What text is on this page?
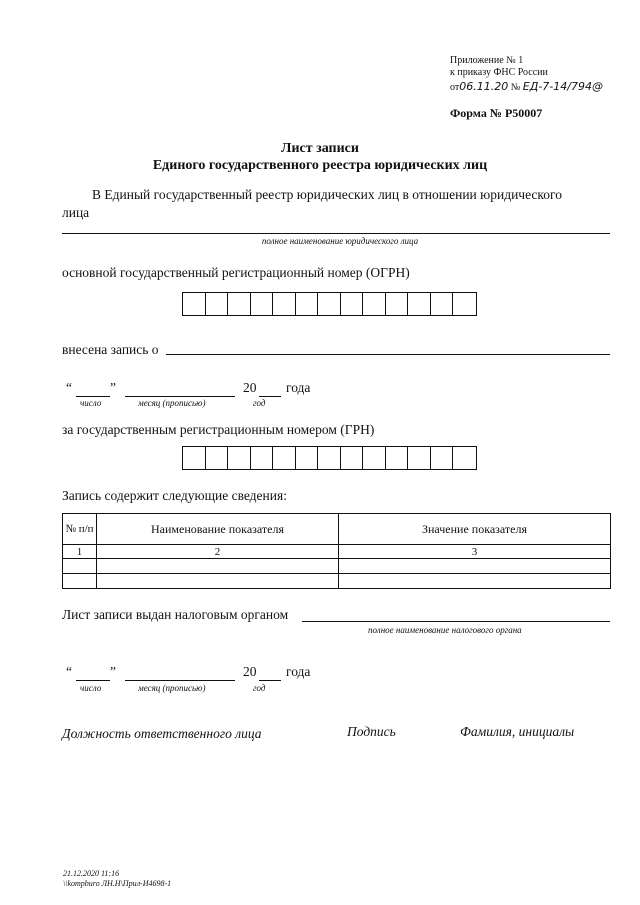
Приложение № 1
к приказу ФНС России
от06.11.20 № ЕД-7-14/794@
Форма № Р50007
Лист записи
Единого государственного реестра юридических лиц
В Единый государственный реестр юридических лиц в отношении юридического
лица
полное наименование юридического лица
основной государственный регистрационный номер (ОГРН)
внесена запись о
“	”	20 года
число	месяц (прописью)	год
за государственным регистрационным номером (ГРН)
Запись содержит следующие сведения:
№ п/п	Наименование показателя	Значение показателя
1	2	3

Лист записи выдан налоговым органом
полное наименование налогового органа
“	”	20 года
число	месяц (прописью)	год
Должность ответственного лица	Подпись	Фамилия, инициалы
21.12.2020 11:16
\\kompburo ЛН.Н\Прил-И4698-1
